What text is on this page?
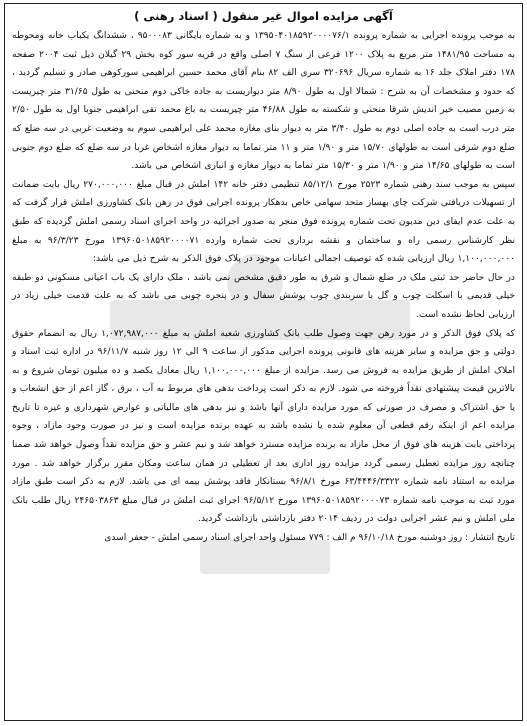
آگهی مزایده اموال غیر منقول ( اسناد رهنی )

به موجب پرونده اجرایی به شماره پرونده ۱۳۹۵۰۴۰۱۸۵۹۲۰۰۰۰۷۶/۱ و به شماره بایگانی ۹۵۰۰۰۸۳ ، ششدانگ یکباب خانه ومحوطه به مساحت ۱۴۸۱/۹۵ متر مربع به پلاک ۱۲۰۰ فرعی از سنگ ۷ اصلی واقع در قریه سور کوه بخش ۲۹ گیلان ذیل ثبت ۲۰۰۴ صفحه ۱۷۸ دفتر املاک جلد ۱۶ به شماره سریال ۳۲۰۶۹۶ سری الف ۸۲ بنام آقای محمد حسین ابراهیمی سورکوهی صادر و تسلیم گردید ، که حدود و مشخصات آن به شرح : شمالا اول به طول ۸/۹۰ متر دیواریست به جاده خاکی دوم منحنی به طول ۳۱/۶۵ متر چیریست به زمین مصیب خیر اندیش شرقا منحنی و شکسته به طول ۴۶/۸۸ متر چیریست به باغ محمد تقی ابراهیمی جنوبا اول به طول ۲/۵۰ متر درب است به جاده اصلی دوم به طول ۳/۴۰ متر به دیوار بنای مغازه محمد علی ابراهیمی سوم به وضعیت غربی در سه ضلع که ضلع دوم شرقی است به طولهای ۱۵/۷۰ متر و ۱/۹۰ متر و ۱۱ متر تماما به دیوار مغازه اشخاص غربا در سه ضلع که ضلع دوم جنوبی است به طولهای ۱۴/۶۵ متر و ۱/۹۰ متر و ۱۵/۳۰ متر تماما به دیوار مغازه و انباری اشخاص می باشد.

سپس به موجب سند رهنی شماره ۲۵۲۳ مورخ ۸۵/۱۲/۱ تنظیمی دفتر خانه ۱۴۲ املش در قبال مبلغ ۲۷۰,۰۰۰,۰۰۰ ریال بابت ضمانت از تسهیلات دریافتی شرکت چای بهساز متحد سهامی خاص بدهکار پرونده اجرایی فوق در رهن بانک کشاورزی املش قرار گرفت که به علت عدم ایفای دین مدیون تحت شماره پرونده فوق منجر به صدور اجرائیه در واحد اجرای اسناد رسمی املش گردیده که طبق نظر کارشناس رسمی راه و ساختمان و نقشه برداری تحت شماره وارده ۱۳۹۶۰۵۰۱۸۵۹۲۰۰۰۰۷۱ مورخ ۹۶/۳/۲۳ به مبلغ ۱,۱۰۰,۰۰۰,۰۰۰ ریال ارزیابی شده که توصیف اجمالی اعیانات موجود در پلاک فوق الذکر به شرح ذیل می باشد:

در حال حاضر حد ثبتی ملک در ضلع شمال و شرق به طور دقیق مشخص نمی باشد ، ملک دارای یک باب اعیانی مسکونی دو طبقه خیلی قدیمی با اسکلت چوب و گل با سربندی چوب پوشش سفال و در پنجره چوبی می باشد که به علت قدمت خیلی زیاد در ارزیابی لحاظ نشده است.

که پلاک فوق الذکر و در مورد رهن جهت وصول طلب بانک کشاورزی شعبه املش به مبلغ ۱,۰۷۲,۹۸۷,۰۰۰ ریال به انضمام حقوق دولتی و حق مزایده و سایر هزینه های قانونی پرونده اجرایی مذکور از ساعت ۹ الی ۱۲ روز شنبه ۹۶/۱۱/۷ در اداره ثبت اسناد و املاک املش از طریق مزایده به فروش می رسد. مزایده از مبلغ ۱,۱۰۰,۰۰۰,۰۰۰ ریال معادل یکصد و ده میلیون تومان شروع و به بالاترین قیمت پیشنهادی نقداً فروخته می شود. لازم به ذکر است پرداخت بدهی های مربوط به آب ، برق ، گاز اعم از حق انشعاب و یا حق اشتراک و مصرف در صورتی که مورد مزایده دارای آنها باشد و نیز بدهی های مالیاتی و عوارض شهرداری و غیره تا تاریخ مزایده اعم از اینکه رقم قطعی آن معلوم شده یا نشده باشد به عهده برنده مزایده است و نیز در صورت وجود مازاد ، وجوه پرداختی بابت هزینه های فوق از محل مازاد به برنده مزایده مسترد خواهد شد و نیم عشر و حق مزایده نقداً وصول خواهد شد ضمنا چنانچه روز مزایده تعطیل رسمی گردد مزایده روز اداری بعد از تعطیلی در همان ساعت ومکان مقرر برگزار خواهد شد . مورد مزایده به استناد نامه شماره ۶۳/۴۴۴۶/۳۳۲۲ مورخ ۹۶/۸/۱ بستانکار فاقد پوشش بیمه ای می باشد. لازم به ذکر است طبق مازاد مورد ثبت به موجب نامه شماره ۱۳۹۶۰۵۰۱۸۵۹۲۰۰۰۰۷۳ مورخ ۹۶/۵/۱۲ اجرای ثبت املش در قبال مبلغ ۲۴۶۵۰۳۸۶۳ ریال طلب بانک ملی املش و نیم عشر اجرایی دولت در ردیف ۲۰۱۴ دفتر بازداشتی بازداشت گردید.

تاریخ انتشار : روز دوشنبه مورخ ۹۶/۱۰/۱۸ م الف : ۷۷۹ مسئول واحد اجرای اسناد رسمی املش - جعفر اسدی
